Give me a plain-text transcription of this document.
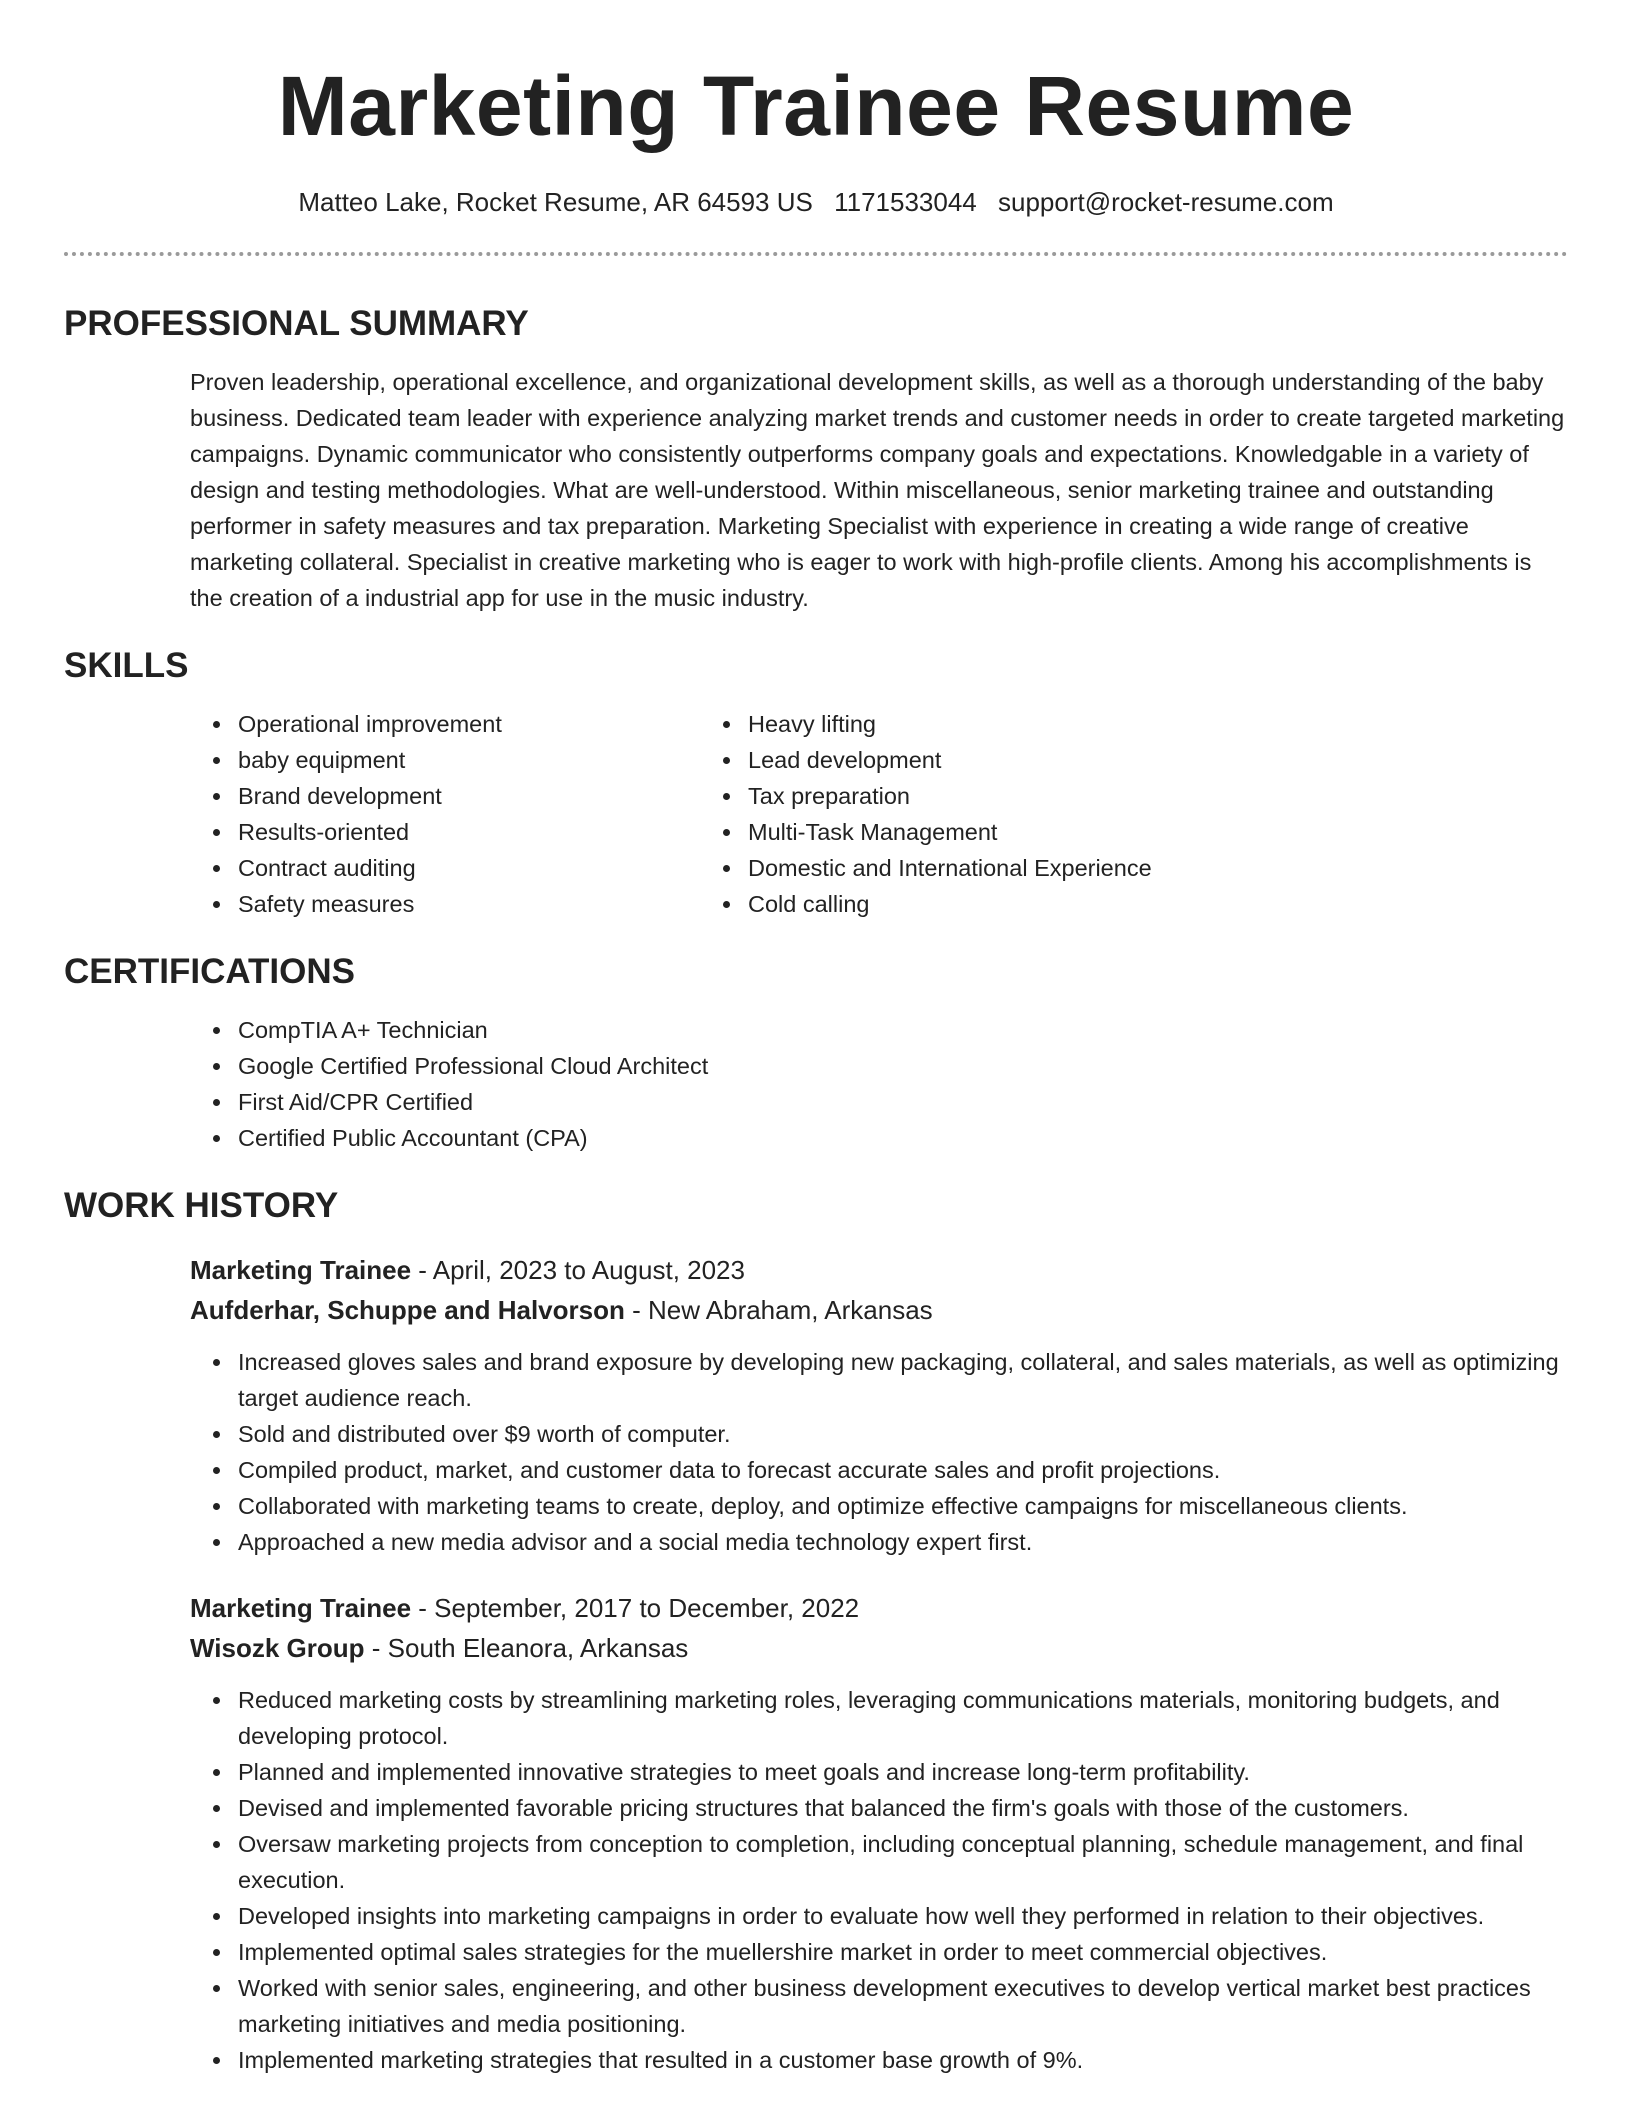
Marketing Trainee Resume
Matteo Lake, Rocket Resume, AR 64593 US 1171533044 support@rocket-resume.com
PROFESSIONAL SUMMARY
Proven leadership, operational excellence, and organizational development skills, as well as a thorough understanding of the baby business. Dedicated team leader with experience analyzing market trends and customer needs in order to create targeted marketing campaigns. Dynamic communicator who consistently outperforms company goals and expectations. Knowledgable in a variety of design and testing methodologies. What are well-understood. Within miscellaneous, senior marketing trainee and outstanding performer in safety measures and tax preparation. Marketing Specialist with experience in creating a wide range of creative marketing collateral. Specialist in creative marketing who is eager to work with high-profile clients. Among his accomplishments is the creation of a industrial app for use in the music industry.
SKILLS
• Operational improvement
• baby equipment
• Brand development
• Results-oriented
• Contract auditing
• Safety measures
• Heavy lifting
• Lead development
• Tax preparation
• Multi-Task Management
• Domestic and International Experience
• Cold calling
CERTIFICATIONS
• CompTIA A+ Technician
• Google Certified Professional Cloud Architect
• First Aid/CPR Certified
• Certified Public Accountant (CPA)
WORK HISTORY
Marketing Trainee - April, 2023 to August, 2023
Aufderhar, Schuppe and Halvorson - New Abraham, Arkansas
• Increased gloves sales and brand exposure by developing new packaging, collateral, and sales materials, as well as optimizing target audience reach.
• Sold and distributed over $9 worth of computer.
• Compiled product, market, and customer data to forecast accurate sales and profit projections.
• Collaborated with marketing teams to create, deploy, and optimize effective campaigns for miscellaneous clients.
• Approached a new media advisor and a social media technology expert first.
Marketing Trainee - September, 2017 to December, 2022
Wisozk Group - South Eleanora, Arkansas
• Reduced marketing costs by streamlining marketing roles, leveraging communications materials, monitoring budgets, and developing protocol.
• Planned and implemented innovative strategies to meet goals and increase long-term profitability.
• Devised and implemented favorable pricing structures that balanced the firm's goals with those of the customers.
• Oversaw marketing projects from conception to completion, including conceptual planning, schedule management, and final execution.
• Developed insights into marketing campaigns in order to evaluate how well they performed in relation to their objectives.
• Implemented optimal sales strategies for the muellershire market in order to meet commercial objectives.
• Worked with senior sales, engineering, and other business development executives to develop vertical market best practices marketing initiatives and media positioning.
• Implemented marketing strategies that resulted in a customer base growth of 9%.
